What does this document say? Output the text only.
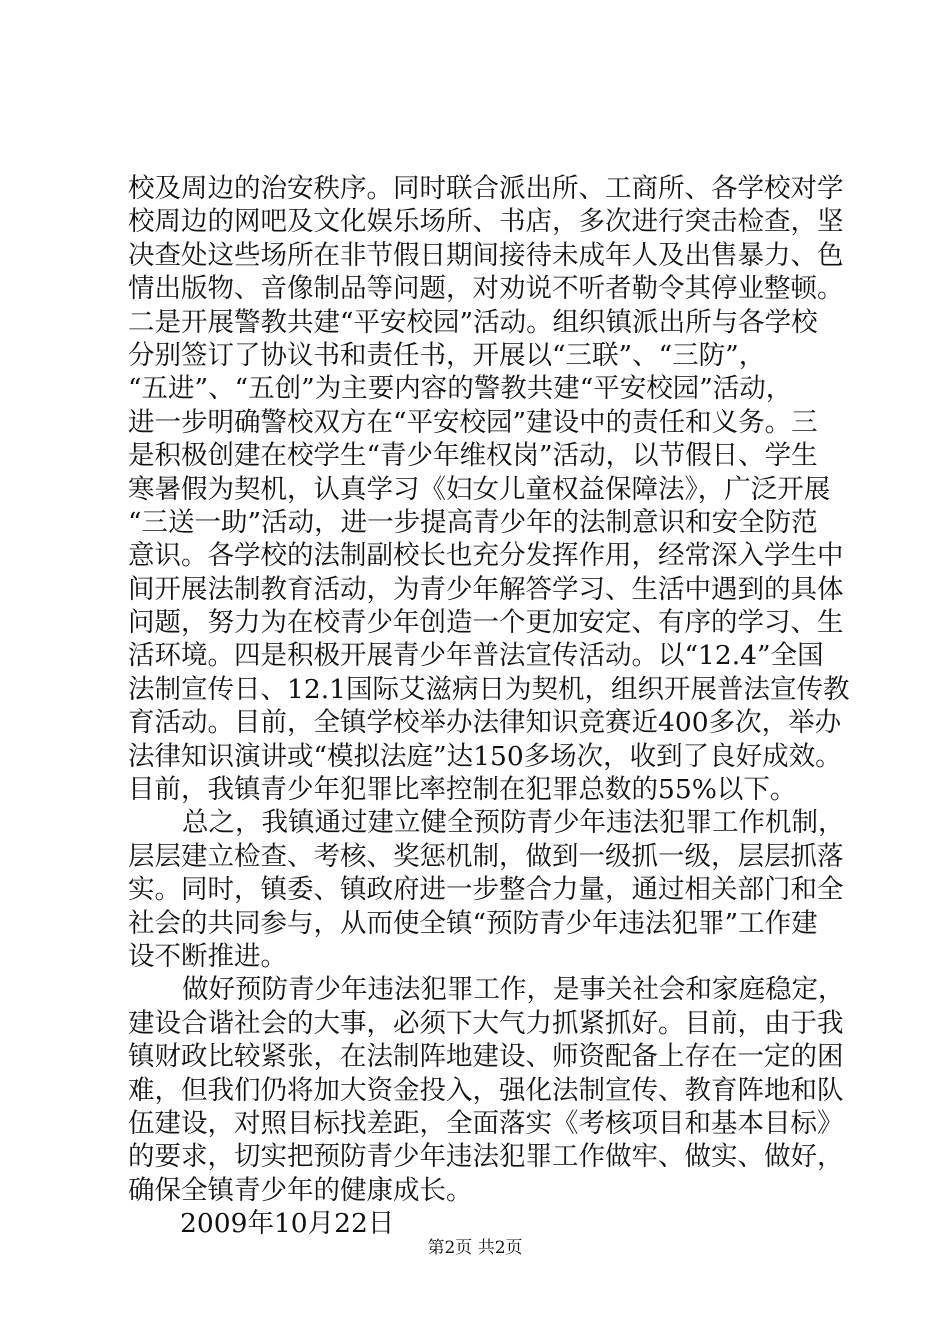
校及周边的治安秩序。同时联合派出所、工商所、各学校对学
校周边的网吧及文化娱乐场所、书店，多次进行突击检查，坚
决查处这些场所在非节假日期间接待未成年人及出售暴力、色
情出版物、音像制品等问题，对劝说不听者勒令其停业整顿。
二是开展警教共建“平安校园”活动。组织镇派出所与各学校
分别签订了协议书和责任书，开展以“三联”、“三防”，
“五进”、“五创”为主要内容的警教共建“平安校园”活动，
进一步明确警校双方在“平安校园”建设中的责任和义务。三
是积极创建在校学生“青少年维权岗”活动，以节假日、学生
寒暑假为契机，认真学习《妇女儿童权益保障法》，广泛开展
“三送一助”活动，进一步提高青少年的法制意识和安全防范
意识。各学校的法制副校长也充分发挥作用，经常深入学生中
间开展法制教育活动，为青少年解答学习、生活中遇到的具体
问题，努力为在校青少年创造一个更加安定、有序的学习、生
活环境。四是积极开展青少年普法宣传活动。以“12.4”全国
法制宣传日、12.1国际艾滋病日为契机，组织开展普法宣传教
育活动。目前，全镇学校举办法律知识竞赛近400多次，举办
法律知识演讲或“模拟法庭”达150多场次，收到了良好成效。
目前，我镇青少年犯罪比率控制在犯罪总数的55%以下。
总之，我镇通过建立健全预防青少年违法犯罪工作机制，
层层建立检查、考核、奖惩机制，做到一级抓一级，层层抓落
实。同时，镇委、镇政府进一步整合力量，通过相关部门和全
社会的共同参与，从而使全镇“预防青少年违法犯罪”工作建
设不断推进。
做好预防青少年违法犯罪工作，是事关社会和家庭稳定，
建设合谐社会的大事，必须下大气力抓紧抓好。目前，由于我
镇财政比较紧张，在法制阵地建设、师资配备上存在一定的困
难，但我们仍将加大资金投入，强化法制宣传、教育阵地和队
伍建设，对照目标找差距，全面落实《考核项目和基本目标》
的要求，切实把预防青少年违法犯罪工作做牢、做实、做好，
确保全镇青少年的健康成长。
2009年10月22日
第2页 共2页
